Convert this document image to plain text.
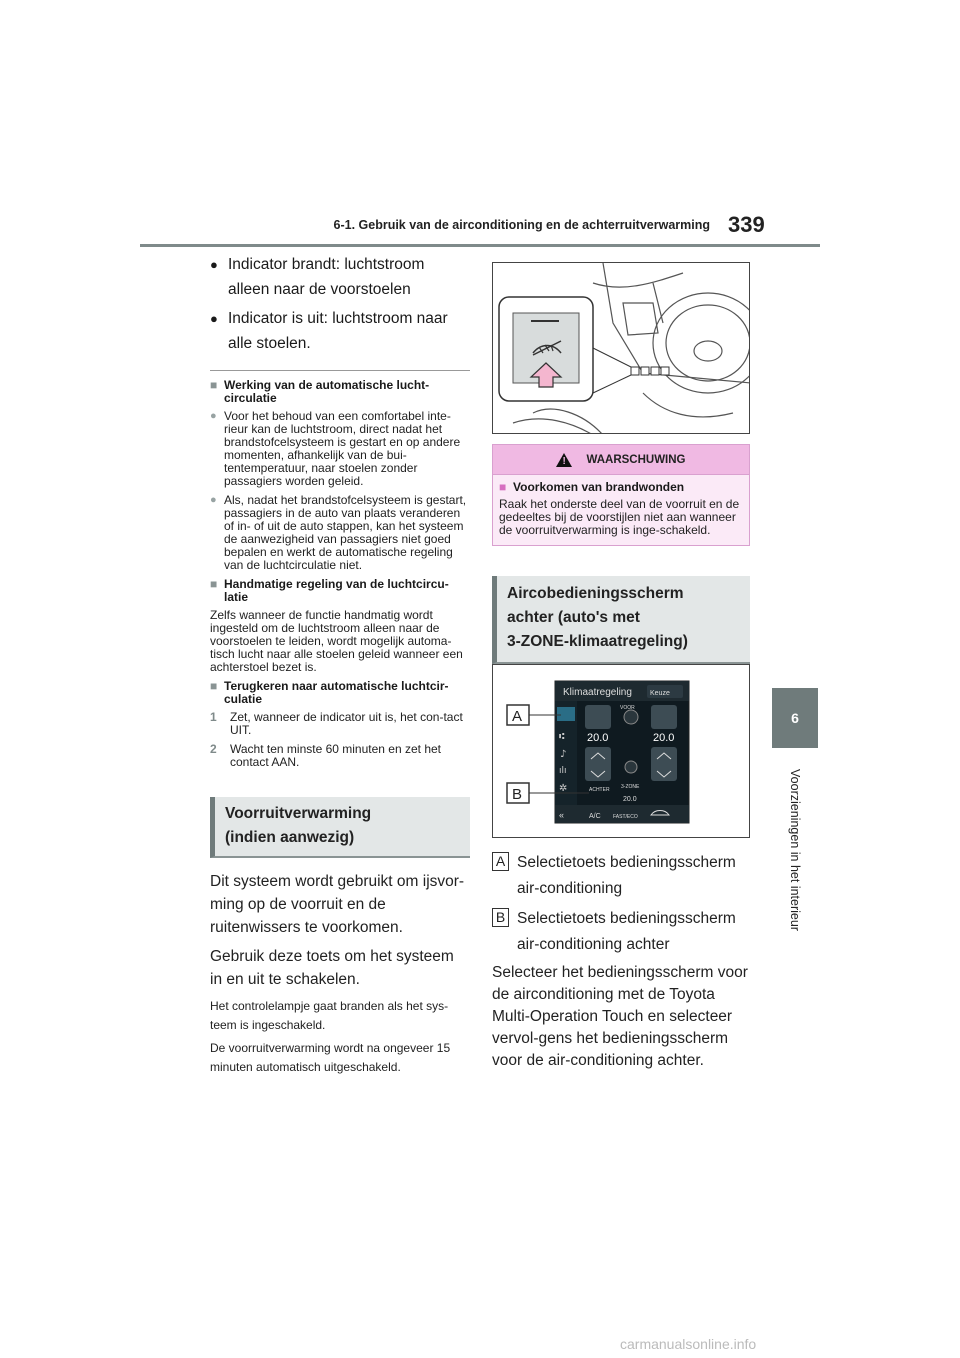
6-1. Gebruik van de airconditioning en de achterruitverwarming 339
6
Voorzieningen in het interieur
● Indicator brandt: luchtstroom alleen naar de voorstoelen
● Indicator is uit: luchtstroom naar alle stoelen.
■ Werking van de automatische lucht-circulatie
● Voor het behoud van een comfortabel inte-rieur kan de luchtstroom, direct nadat het brandstofcelsysteem is gestart en op andere momenten, afhankelijk van de bui-tentemperatuur, naar stoelen zonder passagiers worden geleid.
● Als, nadat het brandstofcelsysteem is gestart, passagiers in de auto van plaats veranderen of in- of uit de auto stappen, kan het systeem de aanwezigheid van passagiers niet goed bepalen en werkt de automatische regeling van de luchtcirculatie niet.
■ Handmatige regeling van de luchtcircu-latie
Zelfs wanneer de functie handmatig wordt ingesteld om de luchtstroom alleen naar de voorstoelen te leiden, wordt mogelijk automa-tisch lucht naar alle stoelen geleid wanneer een achterstoel bezet is.
■ Terugkeren naar automatische luchtcir-culatie
1	Zet, wanneer de indicator uit is, het con-tact UIT.
2	Wacht ten minste 60 minuten en zet het contact AAN.
Voorruitverwarming
(indien aanwezig)
Dit systeem wordt gebruikt om ijsvor-ming op de voorruit en de ruitenwissers te voorkomen.
Gebruik deze toets om het systeem in en uit te schakelen.
Het controlelampje gaat branden als het sys-teem is ingeschakeld.
De voorruitverwarming wordt na ongeveer 15 minuten automatisch uitgeschakeld.
! WAARSCHUWING
■ Voorkomen van brandwonden
Raak het onderste deel van de voorruit en de gedeeltes bij de voorstijlen niet aan wanneer de voorruitverwarming is inge-schakeld.
Aircobedieningsscherm
achter (auto's met
3-ZONE-klimaatregeling)
Klimaatregeling	Keuze
⑆
♪
ılı
✲
VOOR
20.0	20.0
ACHTER 3-ZONE
20.0
«	A/C FAST/ECO
A
B
A Selectietoets bedieningsscherm air-conditioning
B Selectietoets bedieningsscherm air-conditioning achter
Selecteer het bedieningsscherm voor de airconditioning met de Toyota Multi-Operation Touch en selecteer vervol-gens het bedieningsscherm voor de air-conditioning achter.
carmanualsonline.info
